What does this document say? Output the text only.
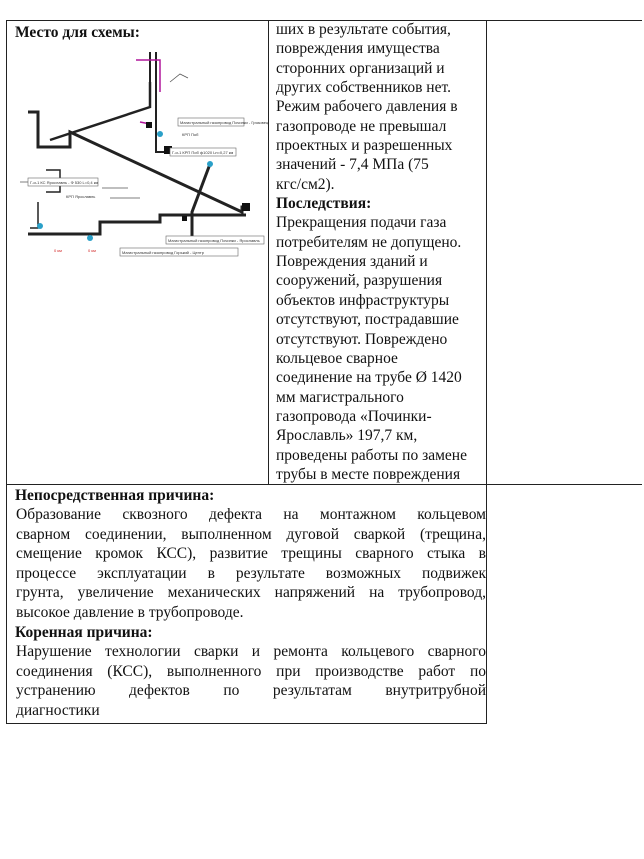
Место для схемы:
Магистральный газопровод Починки - Грязовец
КРП Поб
Г-и-1 КРП Поб ф1020 Lп=0,27 км
Г-и-1 КС Ярославль - Ф 530 L=0,4 км
КРП Ярославль
Магистральный газопровод Починки - Ярославль
Магистральный газопровод Горький - Центр
0 км	0 км
ших в результате события,
повреждения имущества
сторонних организаций и
других собственников нет.
Режим рабочего давления в
газопроводе не превышал
проектных и разрешенных
значений - 7,4 МПа (75
кгс/см2).
Последствия:
Прекращения подачи газа
потребителям не допущено.
Повреждения зданий и
сооружений, разрушения
объектов инфраструктуры
отсутствуют, пострадавшие
отсутствуют. Повреждено
кольцевое сварное
соединение на трубе Ø 1420
мм магистрального
газопровода «Починки-
Ярославль» 197,7 км,
проведены работы по замене
трубы в месте повреждения
Непосредственная причина:
Образование сквозного дефекта на монтажном кольцевом
сварном соединении, выполненном дуговой сваркой (трещина,
смещение кромок КСС), развитие трещины сварного стыка в
процессе эксплуатации в результате возможных подвижек
грунта, увеличение механических напряжений на трубопровод,
высокое давление в трубопроводе.
Коренная причина:
Нарушение технологии сварки и ремонта кольцевого сварного
соединения (КСС), выполненного при производстве работ по
устранению дефектов по результатам внутритрубной
диагностики
